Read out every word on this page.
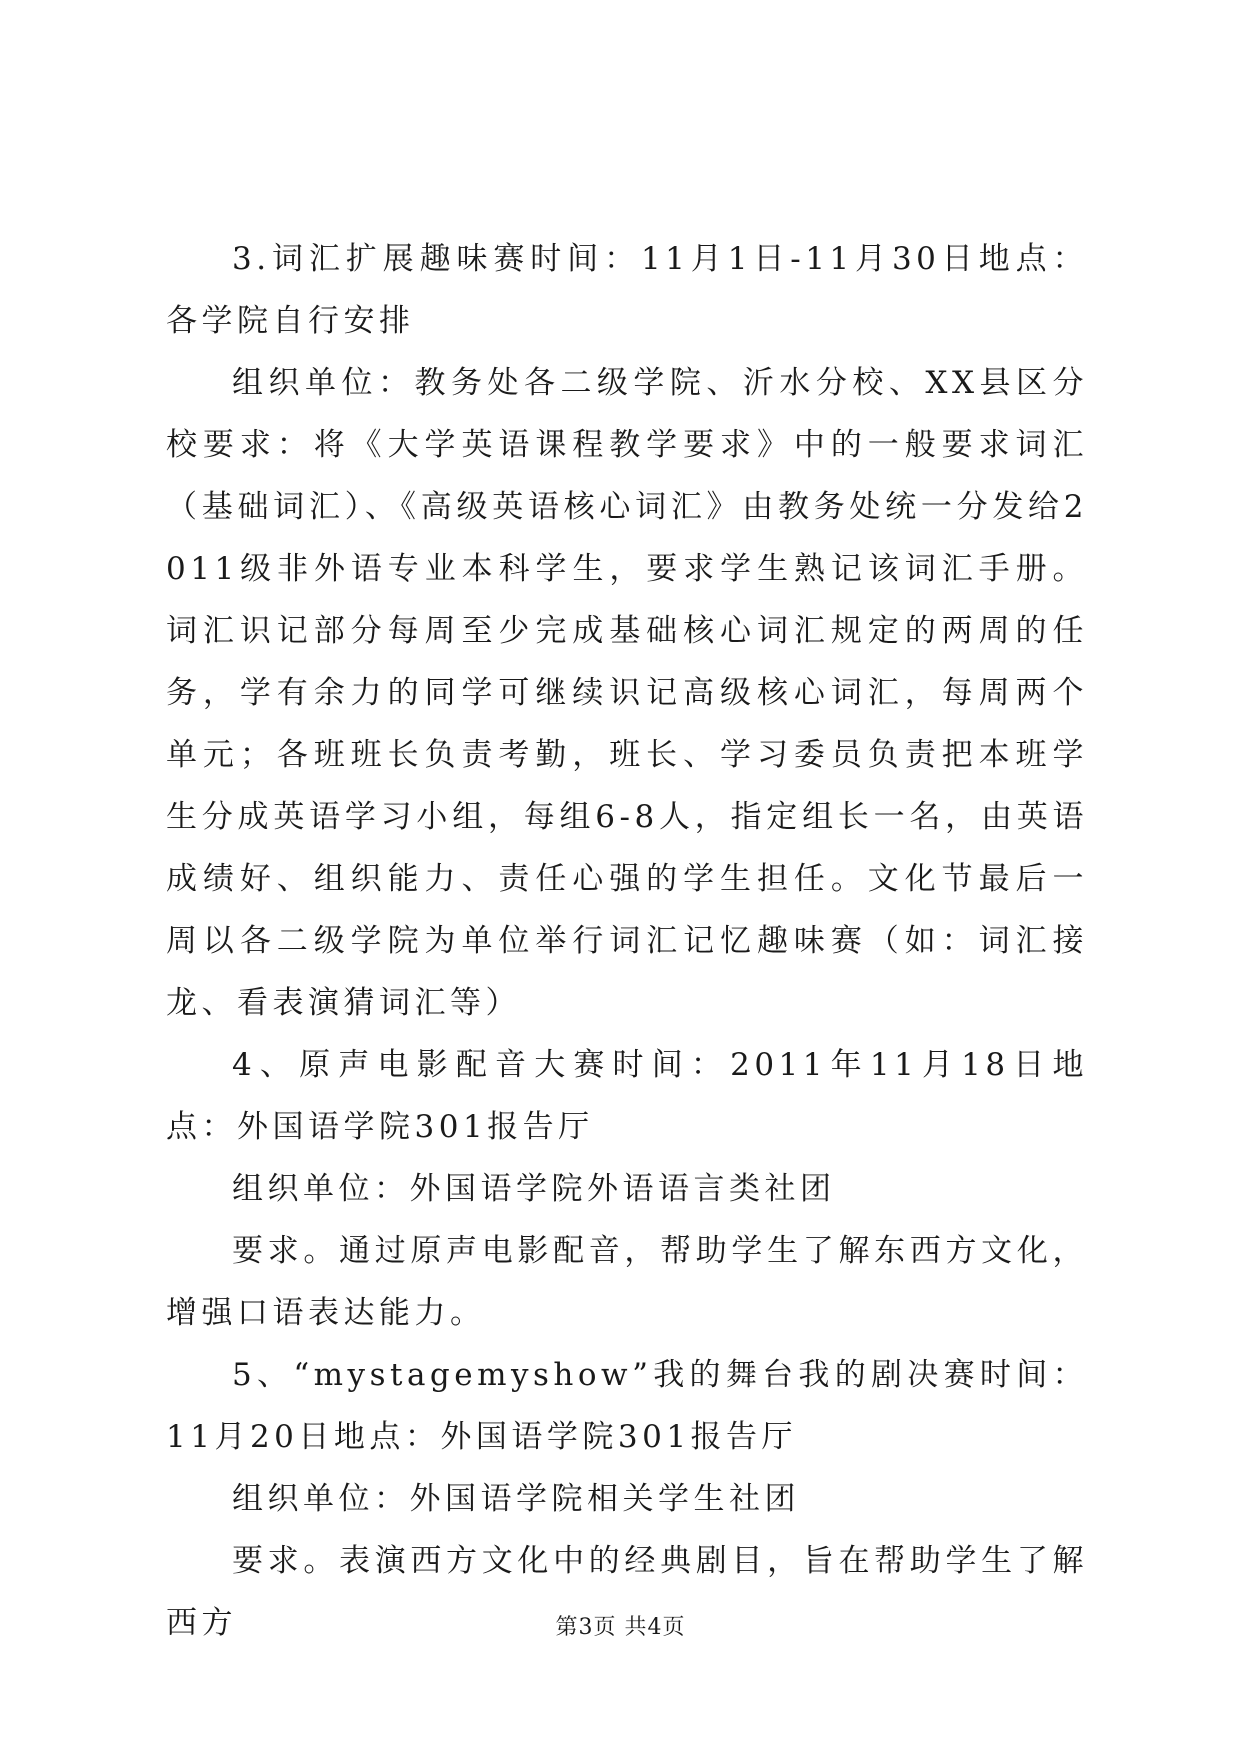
3.词汇扩展趣味赛时间：11月1日-11月30日地点：各学院自行安排

组织单位：教务处各二级学院、沂水分校、XX县区分校要求：将《大学英语课程教学要求》中的一般要求词汇（基础词汇）、《高级英语核心词汇》由教务处统一分发给2011级非外语专业本科学生，要求学生熟记该词汇手册。词汇识记部分每周至少完成基础核心词汇规定的两周的任务，学有余力的同学可继续识记高级核心词汇，每周两个单元；各班班长负责考勤，班长、学习委员负责把本班学生分成英语学习小组，每组6-8人，指定组长一名，由英语成绩好、组织能力、责任心强的学生担任。文化节最后一周以各二级学院为单位举行词汇记忆趣味赛（如：词汇接龙、看表演猜词汇等）

4、原声电影配音大赛时间：2011年11月18日地点：外国语学院301报告厅

组织单位：外国语学院外语语言类社团

要求。通过原声电影配音，帮助学生了解东西方文化，增强口语表达能力。

5、“mystagemyshow”我的舞台我的剧决赛时间：11月20日地点：外国语学院301报告厅

组织单位：外国语学院相关学生社团

要求。表演西方文化中的经典剧目，旨在帮助学生了解西方	第3页 共4页
